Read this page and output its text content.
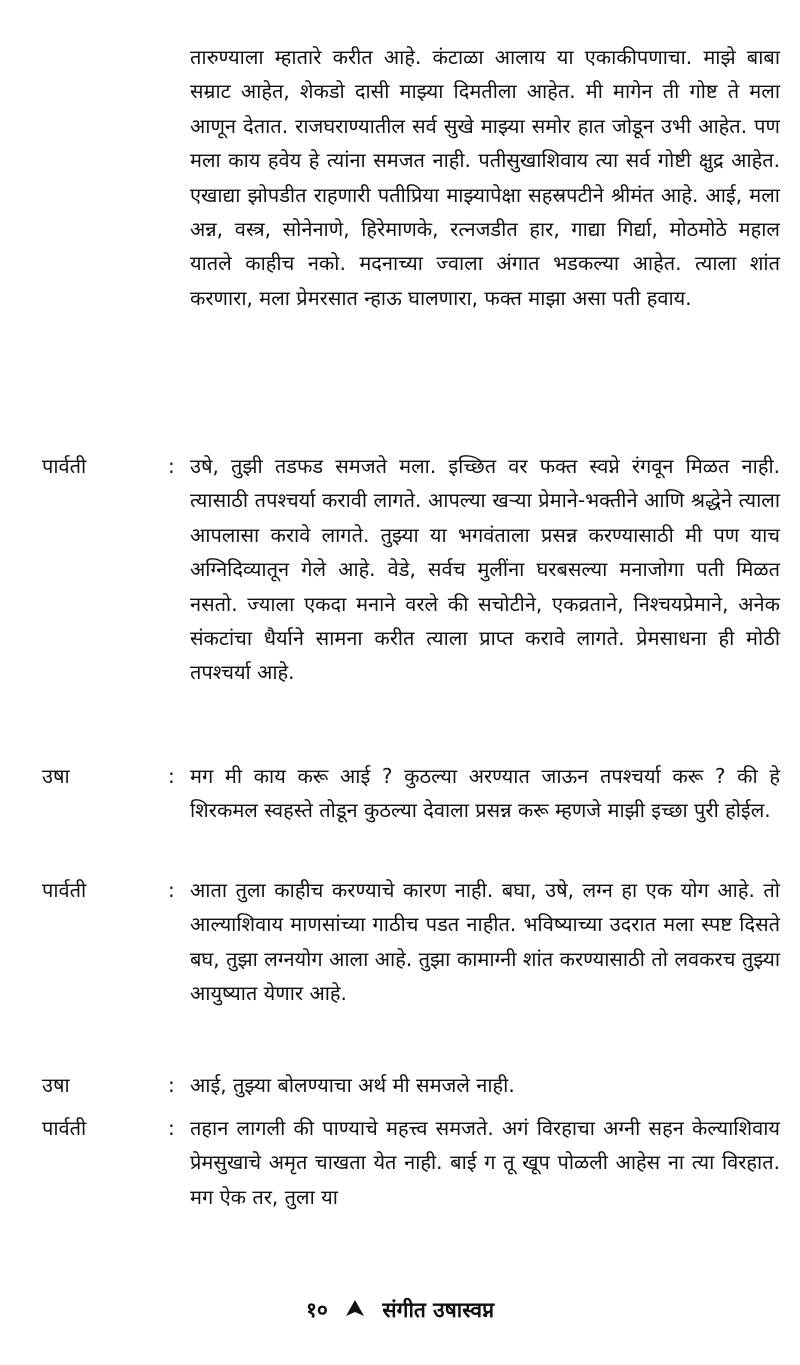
तारुण्याला म्हातारे करीत आहे. कंटाळा आलाय या एकाकीपणाचा. माझे बाबा सम्राट आहेत, शेकडो दासी माझ्या दिमतीला आहेत. मी मागेन ती गोष्ट ते मला आणून देतात. राजघराण्यातील सर्व सुखे माझ्या समोर हात जोडून उभी आहेत. पण मला काय हवेय हे त्यांना समजत नाही. पतीसुखाशिवाय त्या सर्व गोष्टी क्षुद्र आहेत. एखाद्या झोपडीत राहणारी पतीप्रिया माझ्यापेक्षा सहस्रपटीने श्रीमंत आहे. आई, मला अन्न, वस्त्र, सोनेनाणे, हिरेमाणके, रत्नजडीत हार, गाद्या गिर्द्या, मोठमोठे महाल यातले काहीच नको. मदनाच्या ज्वाला अंगात भडकल्या आहेत. त्याला शांत करणारा, मला प्रेमरसात न्हाऊ घालणारा, फक्त माझा असा पती हवाय.

पार्वती	: उषे, तुझी तडफड समजते मला. इच्छित वर फक्त स्वप्ने रंगवून मिळत नाही. त्यासाठी तपश्चर्या करावी लागते. आपल्या खऱ्या प्रेमाने-भक्तीने आणि श्रद्धेने त्याला आपलासा करावे लागते. तुझ्या या भगवंताला प्रसन्न करण्यासाठी मी पण याच अग्निदिव्यातून गेले आहे. वेडे, सर्वच मुलींना घरबसल्या मनाजोगा पती मिळत नसतो. ज्याला एकदा मनाने वरले की सचोटीने, एकव्रताने, निश्चयप्रेमाने, अनेक संकटांचा धैर्याने सामना करीत त्याला प्राप्त करावे लागते. प्रेमसाधना ही मोठी तपश्चर्या आहे.

उषा	: मग मी काय करू आई ? कुठल्या अरण्यात जाऊन तपश्चर्या करू ? की हे शिरकमल स्वहस्ते तोडून कुठल्या देवाला प्रसन्न करू म्हणजे माझी इच्छा पुरी होईल.

पार्वती	: आता तुला काहीच करण्याचे कारण नाही. बघा, उषे, लग्न हा एक योग आहे. तो आल्याशिवाय माणसांच्या गाठीच पडत नाहीत. भविष्याच्या उदरात मला स्पष्ट दिसते बघ, तुझा लग्नयोग आला आहे. तुझा कामाग्नी शांत करण्यासाठी तो लवकरच तुझ्या आयुष्यात येणार आहे.

उषा	: आई, तुझ्या बोलण्याचा अर्थ मी समजले नाही.

पार्वती	: तहान लागली की पाण्याचे महत्त्व समजते. अगं विरहाचा अग्नी सहन केल्याशिवाय प्रेमसुखाचे अमृत चाखता येत नाही. बाई ग तू खूप पोळली आहेस ना त्या विरहात. मग ऐक तर, तुला या

१०	संगीत उषास्वप्न
